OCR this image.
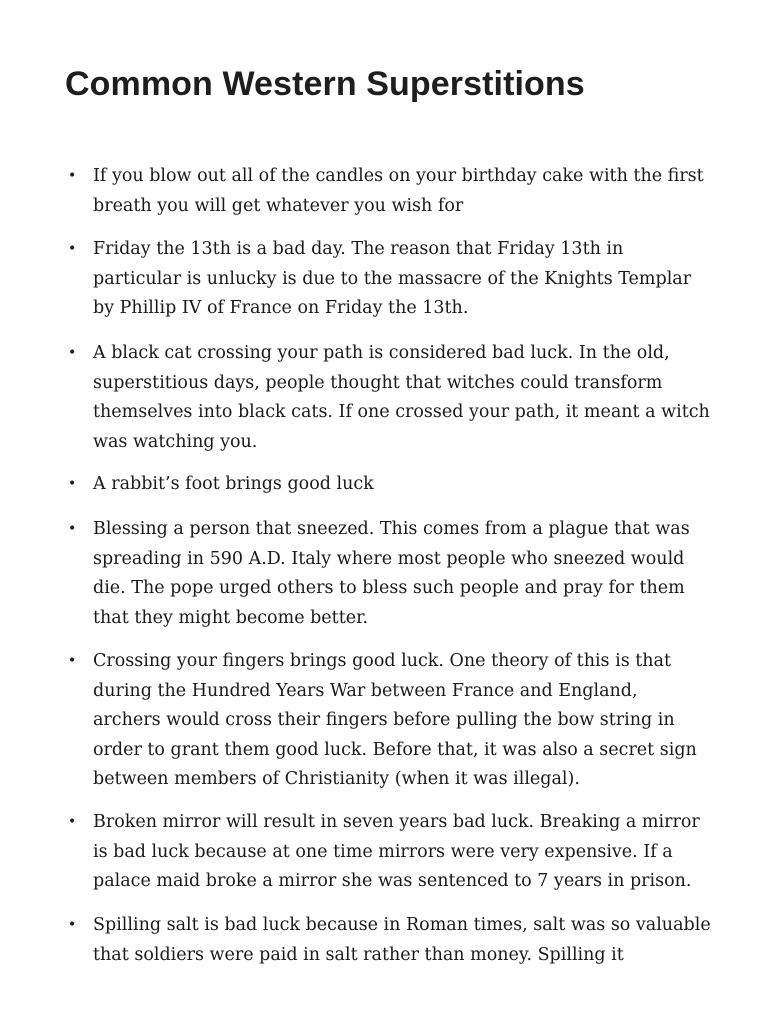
Common Western Superstitions
• If you blow out all of the candles on your birthday cake with the first
breath you will get whatever you wish for
• Friday the 13th is a bad day. The reason that Friday 13th in
particular is unlucky is due to the massacre of the Knights Templar
by Phillip IV of France on Friday the 13th.
• A black cat crossing your path is considered bad luck. In the old,
superstitious days, people thought that witches could transform
themselves into black cats. If one crossed your path, it meant a witch
was watching you.
• A rabbit’s foot brings good luck
• Blessing a person that sneezed. This comes from a plague that was
spreading in 590 A.D. Italy where most people who sneezed would
die. The pope urged others to bless such people and pray for them
that they might become better.
• Crossing your fingers brings good luck. One theory of this is that
during the Hundred Years War between France and England,
archers would cross their fingers before pulling the bow string in
order to grant them good luck. Before that, it was also a secret sign
between members of Christianity (when it was illegal).
• Broken mirror will result in seven years bad luck. Breaking a mirror
is bad luck because at one time mirrors were very expensive. If a
palace maid broke a mirror she was sentenced to 7 years in prison.
• Spilling salt is bad luck because in Roman times, salt was so valuable
that soldiers were paid in salt rather than money. Spilling it
